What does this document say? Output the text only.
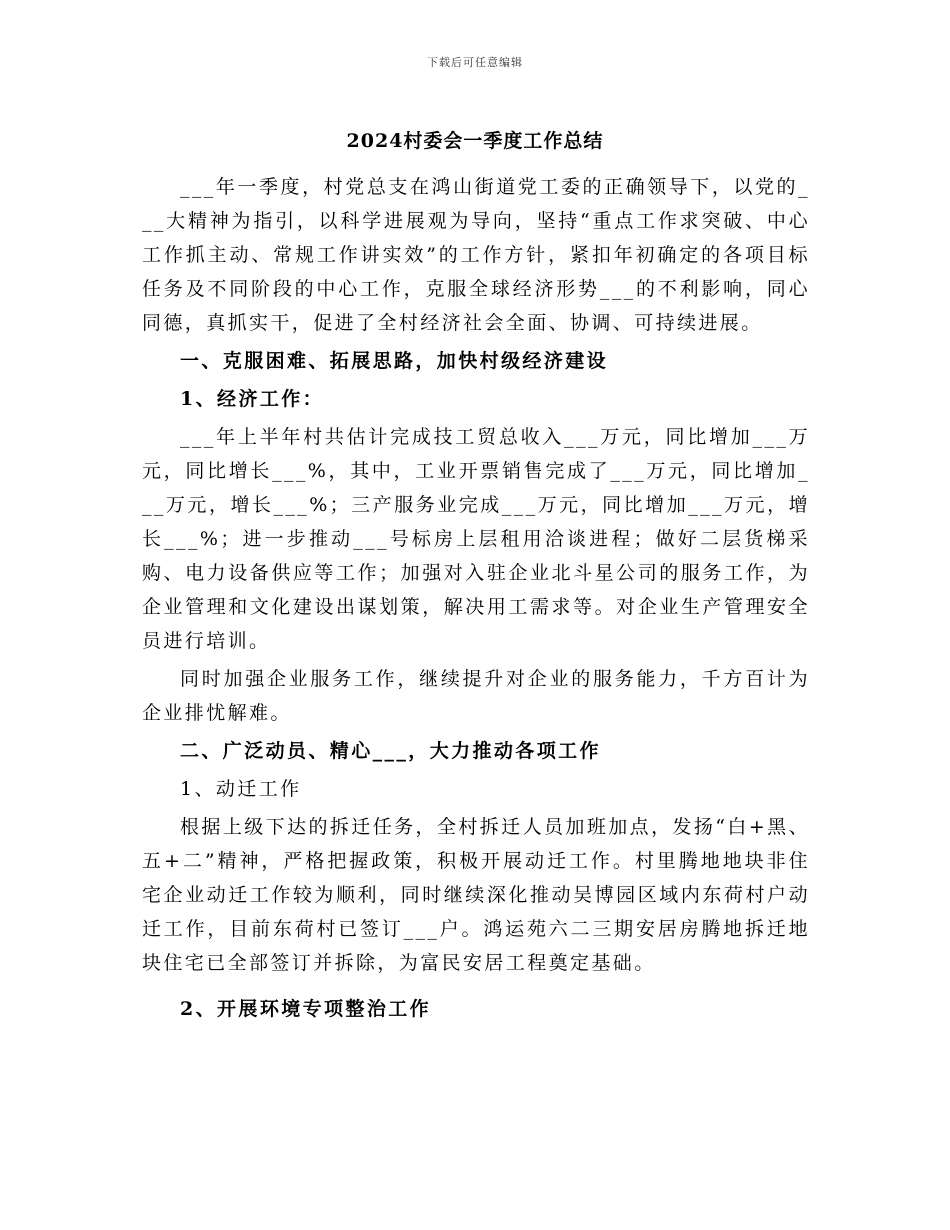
下载后可任意编辑
2024村委会一季度工作总结

___年一季度，村党总支在鸿山街道党工委的正确领导下，以党的___大精神为指引，以科学进展观为导向，坚持“重点工作求突破、中心工作抓主动、常规工作讲实效”的工作方针，紧扣年初确定的各项目标任务及不同阶段的中心工作，克服全球经济形势___的不利影响，同心同德，真抓实干，促进了全村经济社会全面、协调、可持续进展。

一、克服困难、拓展思路，加快村级经济建设

1、经济工作：

___年上半年村共估计完成技工贸总收入___万元，同比增加___万元，同比增长___%，其中，工业开票销售完成了___万元，同比增加___万元，增长___%；三产服务业完成___万元，同比增加___万元，增长___%；进一步推动___号标房上层租用洽谈进程；做好二层货梯采购、电力设备供应等工作；加强对入驻企业北斗星公司的服务工作，为企业管理和文化建设出谋划策，解决用工需求等。对企业生产管理安全员进行培训。

同时加强企业服务工作，继续提升对企业的服务能力，千方百计为企业排忧解难。

二、广泛动员、精心___，大力推动各项工作

1、动迁工作

根据上级下达的拆迁任务，全村拆迁人员加班加点，发扬“白+黑、五+二”精神，严格把握政策，积极开展动迁工作。村里腾地地块非住宅企业动迁工作较为顺利，同时继续深化推动吴博园区域内东荷村户动迁工作，目前东荷村已签订___户。鸿运苑六二三期安居房腾地拆迁地块住宅已全部签订并拆除，为富民安居工程奠定基础。

2、开展环境专项整治工作
